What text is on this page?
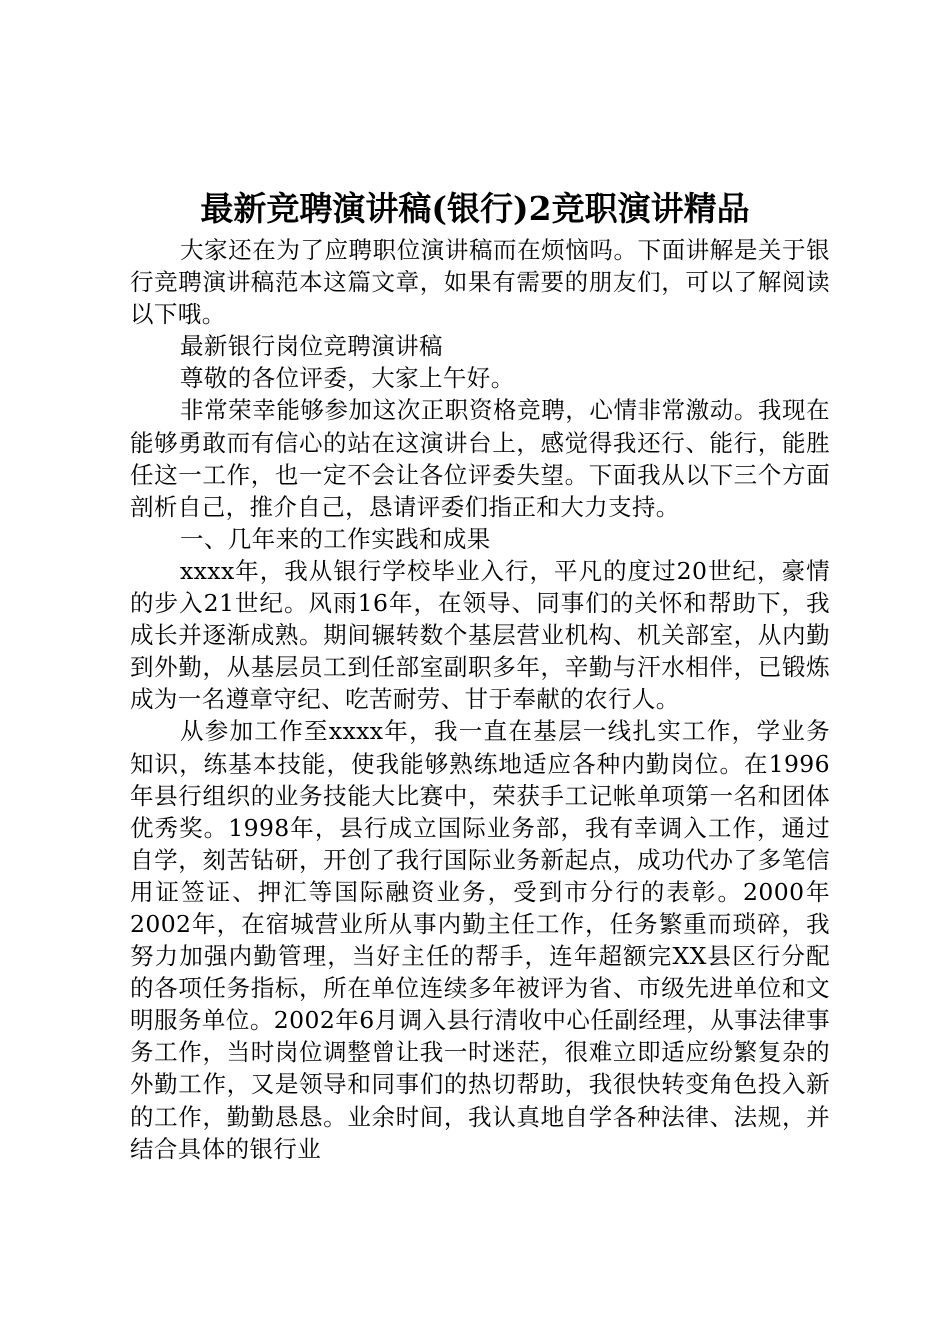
最新竞聘演讲稿(银行)2竞职演讲精品

大家还在为了应聘职位演讲稿而在烦恼吗。下面讲解是关于银行竞聘演讲稿范本这篇文章，如果有需要的朋友们，可以了解阅读以下哦。

最新银行岗位竞聘演讲稿

尊敬的各位评委，大家上午好。

非常荣幸能够参加这次正职资格竞聘，心情非常激动。我现在能够勇敢而有信心的站在这演讲台上，感觉得我还行、能行，能胜任这一工作，也一定不会让各位评委失望。下面我从以下三个方面剖析自己，推介自己，恳请评委们指正和大力支持。

一、几年来的工作实践和成果

xxxx年，我从银行学校毕业入行，平凡的度过20世纪，豪情的步入21世纪。风雨16年，在领导、同事们的关怀和帮助下，我成长并逐渐成熟。期间辗转数个基层营业机构、机关部室，从内勤到外勤，从基层员工到任部室副职多年，辛勤与汗水相伴，已锻炼成为一名遵章守纪、吃苦耐劳、甘于奉献的农行人。

从参加工作至xxxx年，我一直在基层一线扎实工作，学业务知识，练基本技能，使我能够熟练地适应各种内勤岗位。在1996年县行组织的业务技能大比赛中，荣获手工记帐单项第一名和团体优秀奖。1998年，县行成立国际业务部，我有幸调入工作，通过自学，刻苦钻研，开创了我行国际业务新起点，成功代办了多笔信用证签证、押汇等国际融资业务，受到市分行的表彰。2000年2002年，在宿城营业所从事内勤主任工作，任务繁重而琐碎，我努力加强内勤管理，当好主任的帮手，连年超额完XX县区行分配的各项任务指标，所在单位连续多年被评为省、市级先进单位和文明服务单位。2002年6月调入县行清收中心任副经理，从事法律事务工作，当时岗位调整曾让我一时迷茫，很难立即适应纷繁复杂的外勤工作，又是领导和同事们的热切帮助，我很快转变角色投入新的工作，勤勤恳恳。业余时间，我认真地自学各种法律、法规，并结合具体的银行业
